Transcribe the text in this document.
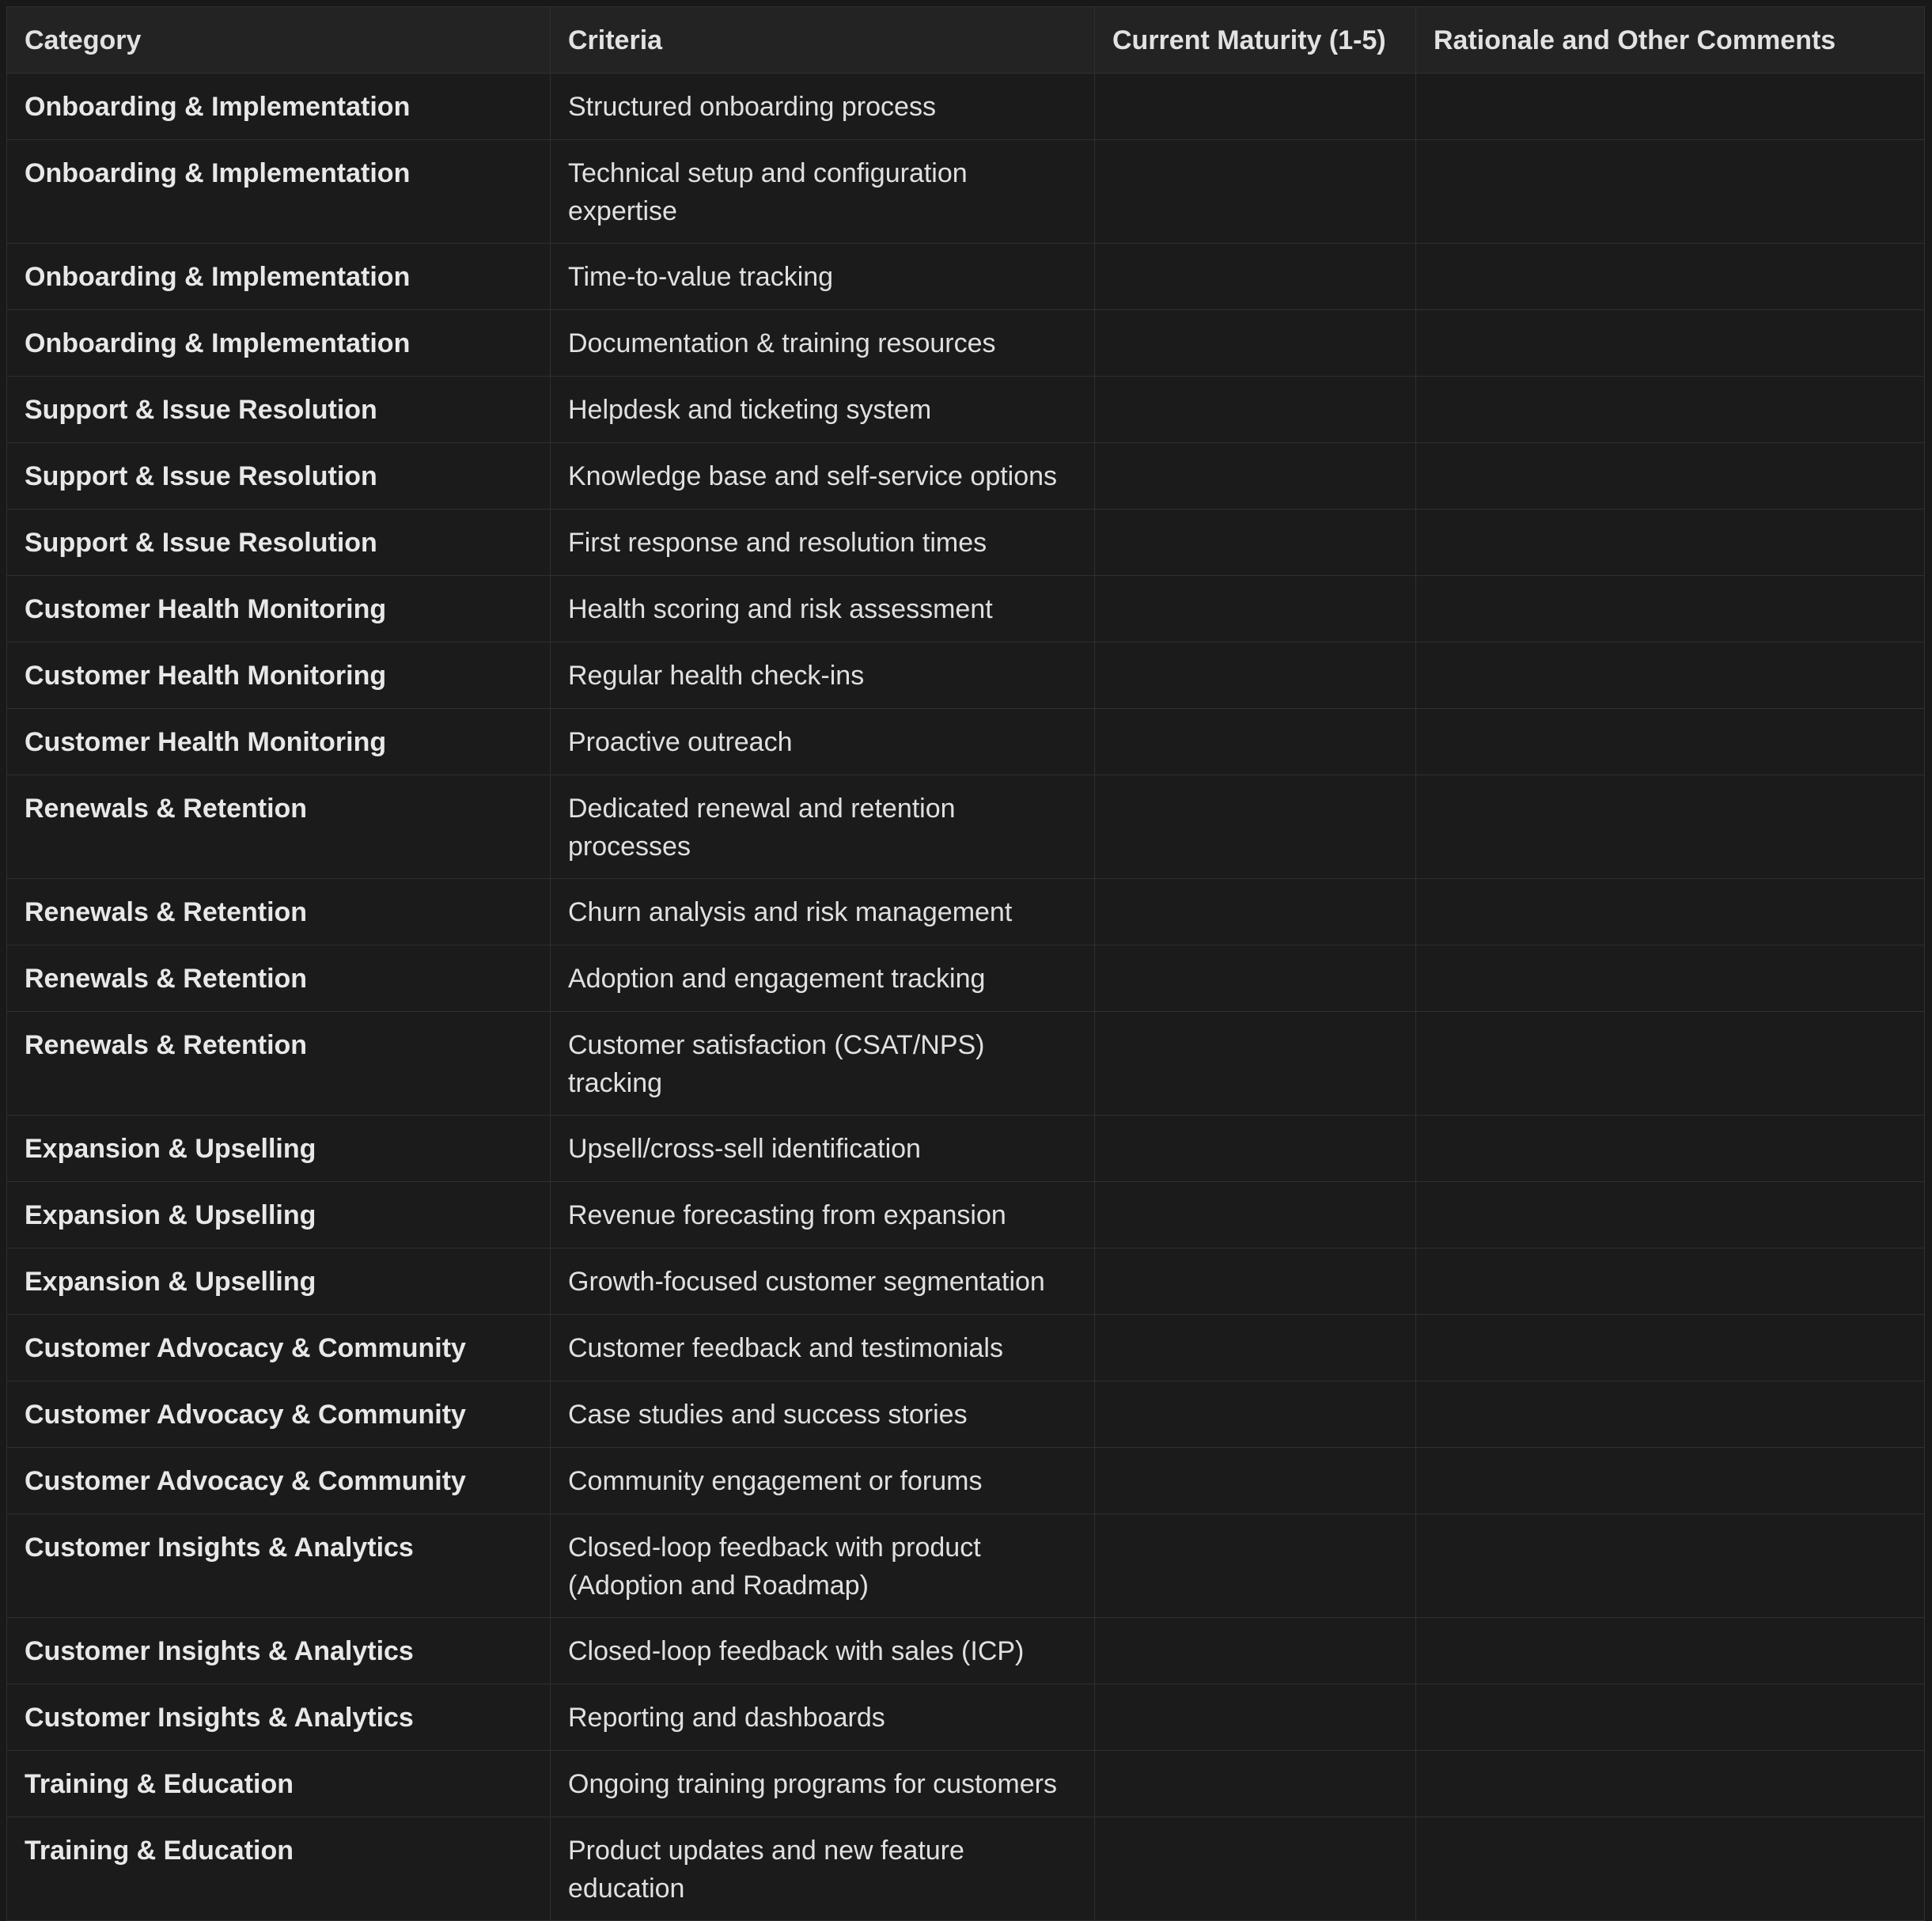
Category	Criteria	Current Maturity (1-5)	Rationale and Other Comments
Onboarding & Implementation	Structured onboarding process		
Onboarding & Implementation	Technical setup and configuration expertise		
Onboarding & Implementation	Time-to-value tracking		
Onboarding & Implementation	Documentation & training resources		
Support & Issue Resolution	Helpdesk and ticketing system		
Support & Issue Resolution	Knowledge base and self-service options		
Support & Issue Resolution	First response and resolution times		
Customer Health Monitoring	Health scoring and risk assessment		
Customer Health Monitoring	Regular health check-ins		
Customer Health Monitoring	Proactive outreach		
Renewals & Retention	Dedicated renewal and retention processes		
Renewals & Retention	Churn analysis and risk management		
Renewals & Retention	Adoption and engagement tracking		
Renewals & Retention	Customer satisfaction (CSAT/NPS) tracking		
Expansion & Upselling	Upsell/cross-sell identification		
Expansion & Upselling	Revenue forecasting from expansion		
Expansion & Upselling	Growth-focused customer segmentation		
Customer Advocacy & Community	Customer feedback and testimonials		
Customer Advocacy & Community	Case studies and success stories		
Customer Advocacy & Community	Community engagement or forums		
Customer Insights & Analytics	Closed-loop feedback with product (Adoption and Roadmap)		
Customer Insights & Analytics	Closed-loop feedback with sales (ICP)		
Customer Insights & Analytics	Reporting and dashboards		
Training & Education	Ongoing training programs for customers		
Training & Education	Product updates and new feature education		
